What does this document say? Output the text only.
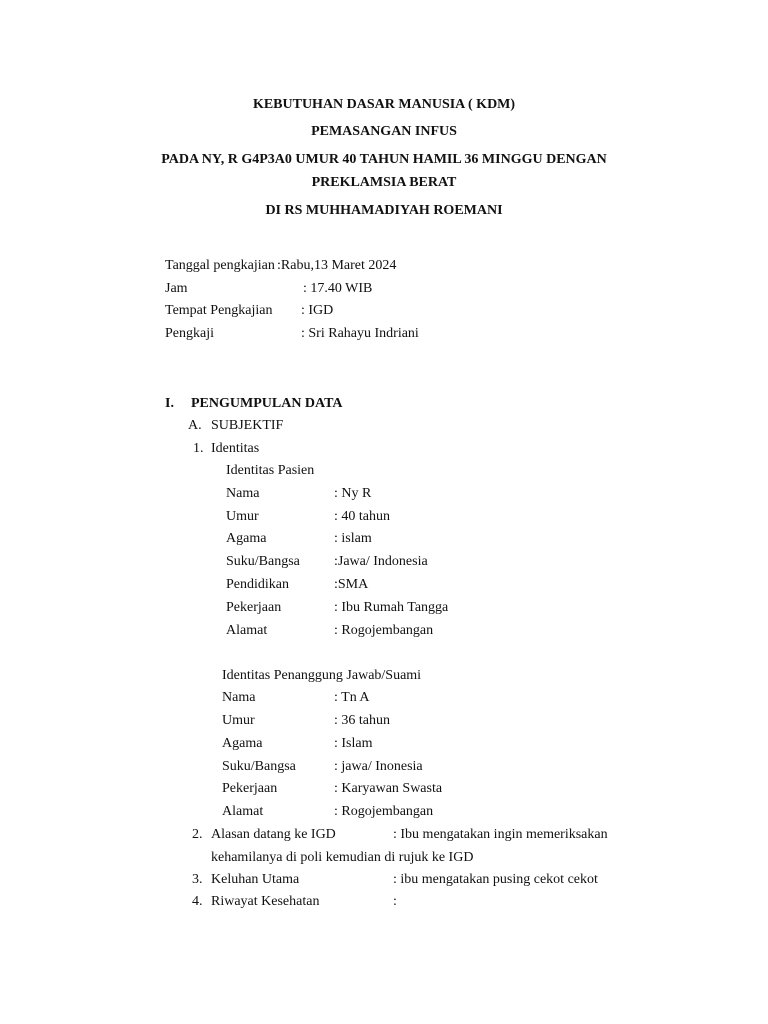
KEBUTUHAN DASAR MANUSIA ( KDM)
PEMASANGAN INFUS
PADA NY, R G4P3A0 UMUR 40 TAHUN HAMIL 36 MINGGU DENGAN
PREKLAMSIA BERAT
DI RS MUHHAMADIYAH ROEMANI
Tanggal pengkajian :Rabu,13 Maret 2024
Jam	: 17.40 WIB
Tempat Pengkajian : IGD
Pengkaji	: Sri Rahayu Indriani
I. PENGUMPULAN DATA
A. SUBJEKTIF
1. Identitas
Identitas Pasien
Nama	: Ny R
Umur	: 40 tahun
Agama	: islam
Suku/Bangsa :Jawa/ Indonesia
Pendidikan	:SMA
Pekerjaan	: Ibu Rumah Tangga
Alamat	: Rogojembangan
Identitas Penanggung Jawab/Suami
Nama	: Tn A
Umur	: 36 tahun
Agama	: Islam
Suku/Bangsa	: jawa/ Inonesia
Pekerjaan	: Karyawan Swasta
Alamat	: Rogojembangan
2. Alasan datang ke IGD	: Ibu mengatakan ingin memeriksakan
kehamilanya di poli kemudian di rujuk ke IGD
3. Keluhan Utama	: ibu mengatakan pusing cekot cekot
4. Riwayat Kesehatan	:
